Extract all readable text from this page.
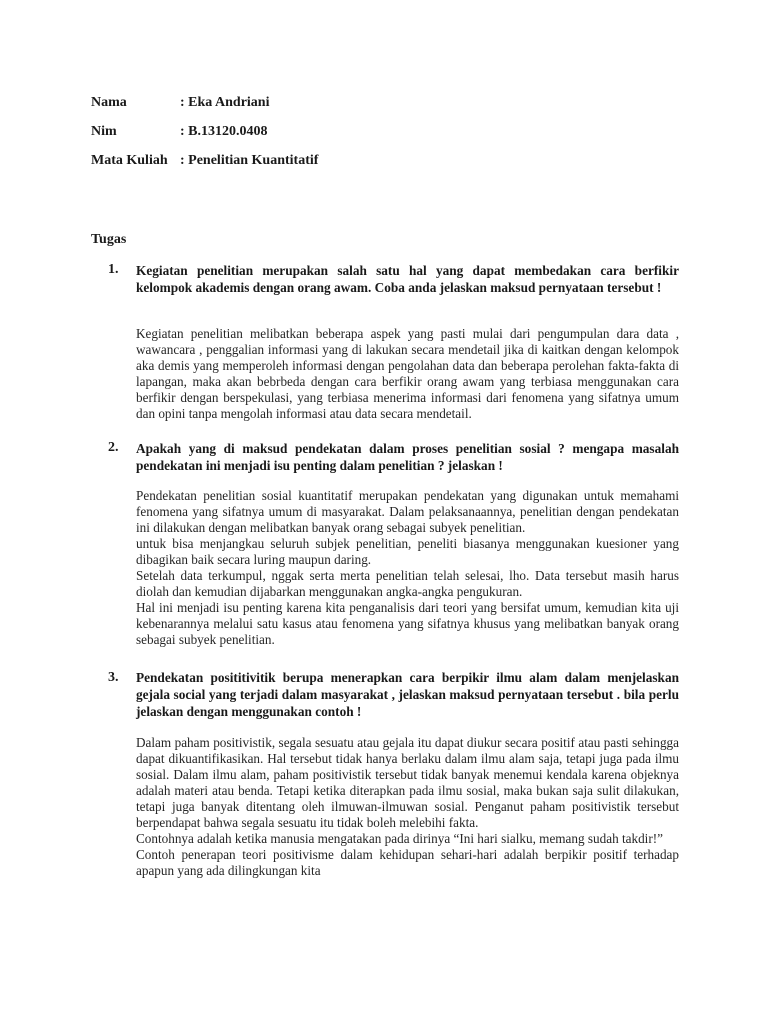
Nama	: Eka Andriani
Nim	: B.13120.0408
Mata Kuliah : Penelitian Kuantitatif
Tugas
1. Kegiatan penelitian merupakan salah satu hal yang dapat membedakan cara berfikir kelompok akademis dengan orang awam. Coba anda jelaskan maksud pernyataan tersebut !

Kegiatan penelitian melibatkan beberapa aspek yang pasti mulai dari pengumpulan dara data , wawancara , penggalian informasi yang di lakukan secara mendetail jika di kaitkan dengan kelompok aka demis yang memperoleh informasi dengan pengolahan data dan beberapa perolehan fakta-fakta di lapangan, maka akan bebrbeda dengan cara berfikir orang awam yang terbiasa menggunakan cara berfikir dengan berspekulasi, yang terbiasa menerima informasi dari fenomena yang sifatnya umum dan opini tanpa mengolah informasi atau data secara mendetail.

2. Apakah yang di maksud pendekatan dalam proses penelitian sosial ? mengapa masalah pendekatan ini menjadi isu penting dalam penelitian ? jelaskan !

Pendekatan penelitian sosial kuantitatif merupakan pendekatan yang digunakan untuk memahami fenomena yang sifatnya umum di masyarakat. Dalam pelaksanaannya, penelitian dengan pendekatan ini dilakukan dengan melibatkan banyak orang sebagai subyek penelitian.

untuk bisa menjangkau seluruh subjek penelitian, peneliti biasanya menggunakan kuesioner yang dibagikan baik secara luring maupun daring.

Setelah data terkumpul, nggak serta merta penelitian telah selesai, lho. Data tersebut masih harus diolah dan kemudian dijabarkan menggunakan angka-angka pengukuran.

Hal ini menjadi isu penting karena kita penganalisis dari teori yang bersifat umum, kemudian kita uji kebenarannya melalui satu kasus atau fenomena yang sifatnya khusus yang melibatkan banyak orang sebagai subyek penelitian.

3. Pendekatan posititivitik berupa menerapkan cara berpikir ilmu alam dalam menjelaskan gejala social yang terjadi dalam masyarakat , jelaskan maksud pernyataan tersebut . bila perlu jelaskan dengan menggunakan contoh !

Dalam paham positivistik, segala sesuatu atau gejala itu dapat diukur secara positif atau pasti sehingga dapat dikuantifikasikan. Hal tersebut tidak hanya berlaku dalam ilmu alam saja, tetapi juga pada ilmu sosial. Dalam ilmu alam, paham positivistik tersebut tidak banyak menemui kendala karena objeknya adalah materi atau benda. Tetapi ketika diterapkan pada ilmu sosial, maka bukan saja sulit dilakukan, tetapi juga banyak ditentang oleh ilmuwan-ilmuwan sosial. Penganut paham positivistik tersebut berpendapat bahwa segala sesuatu itu tidak boleh melebihi fakta.

Contohnya adalah ketika manusia mengatakan pada dirinya “Ini hari sialku, memang sudah takdir!”

Contoh penerapan teori positivisme dalam kehidupan sehari-hari adalah berpikir positif terhadap apapun yang ada dilingkungan kita
